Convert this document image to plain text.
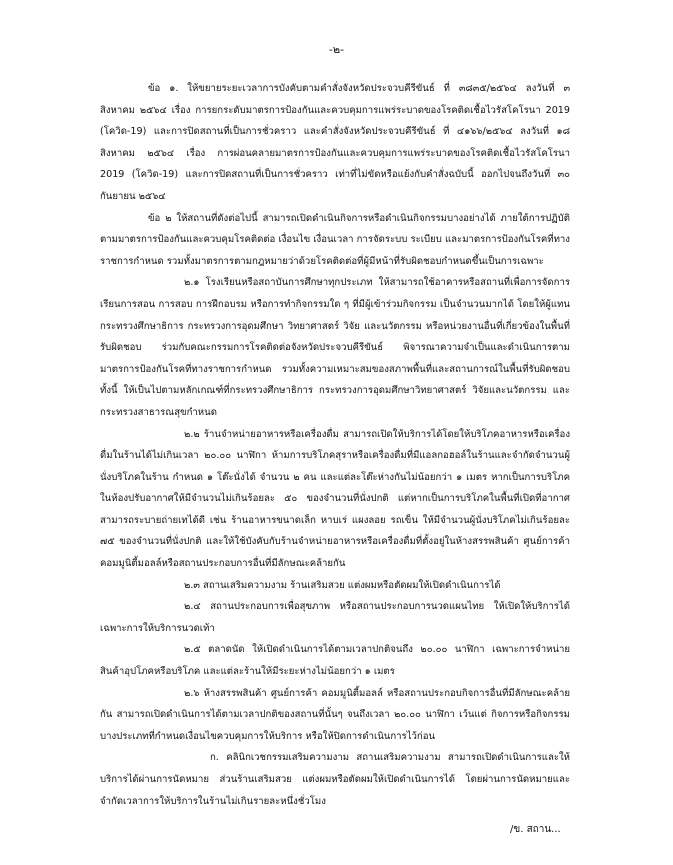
-๒-

ข้อ ๑. ให้ขยายระยะเวลาการบังคับตามคำสั่งจังหวัดประจวบคีรีขันธ์ ที่ ๓๘๓๕/๒๕๖๔ ลงวันที่ ๓ สิงหาคม ๒๕๖๔ เรื่อง การยกระดับมาตรการป้องกันและควบคุมการแพร่ระบาดของโรคติดเชื้อไวรัสโคโรนา 2019 (โควิด-19) และการปิดสถานที่เป็นการชั่วคราว และคำสั่งจังหวัดประจวบคีรีขันธ์ ที่ ๔๑๖๖/๒๕๖๔ ลงวันที่ ๑๘ สิงหาคม ๒๕๖๔ เรื่อง การผ่อนคลายมาตรการป้องกันและควบคุมการแพร่ระบาดของโรคติดเชื้อไวรัสโคโรนา 2019 (โควิด-19) และการปิดสถานที่เป็นการชั่วคราว เท่าที่ไม่ขัดหรือแย้งกับคำสั่งฉบับนี้ ออกไปจนถึงวันที่ ๓๐ กันยายน ๒๕๖๔

ข้อ ๒ ให้สถานที่ดังต่อไปนี้ สามารถเปิดดำเนินกิจการหรือดำเนินกิจกรรมบางอย่างได้ ภายใต้การปฏิบัติตามมาตรการป้องกันและควบคุมโรคติดต่อ เงื่อนไข เงื่อนเวลา การจัดระบบ ระเบียบ และมาตรการป้องกันโรคที่ทางราชการกำหนด รวมทั้งมาตรการตามกฎหมายว่าด้วยโรคติดต่อที่ผู้มีหน้าที่รับผิดชอบกำหนดขึ้นเป็นการเฉพาะ

๒.๑ โรงเรียนหรือสถาบันการศึกษาทุกประเภท ให้สามารถใช้อาคารหรือสถานที่เพื่อการจัดการเรียนการสอน การสอบ การฝึกอบรม หรือการทำกิจกรรมใด ๆ ที่มีผู้เข้าร่วมกิจกรรม เป็นจำนวนมากได้ โดยให้ผู้แทนกระทรวงศึกษาธิการ กระทรวงการอุดมศึกษา วิทยาศาสตร์ วิจัย และนวัตกรรม หรือหน่วยงานอื่นที่เกี่ยวข้องในพื้นที่รับผิดชอบ ร่วมกับคณะกรรมการโรคติดต่อจังหวัดประจวบคีรีขันธ์ พิจารณาความจำเป็นและดำเนินการตามมาตรการป้องกันโรคที่ทางราชการกำหนด รวมทั้งความเหมาะสมของสภาพพื้นที่และสถานการณ์ในพื้นที่รับผิดชอบ ทั้งนี้ ให้เป็นไปตามหลักเกณฑ์ที่กระทรวงศึกษาธิการ กระทรวงการอุดมศึกษาวิทยาศาสตร์ วิจัยและนวัตกรรม และกระทรวงสาธารณสุขกำหนด

๒.๒ ร้านจำหน่ายอาหารหรือเครื่องดื่ม สามารถเปิดให้บริการได้โดยให้บริโภคอาหารหรือเครื่องดื่มในร้านได้ไม่เกินเวลา ๒๐.๐๐ นาฬิกา ห้ามการบริโภคสุราหรือเครื่องดื่มที่มีแอลกอฮอล์ในร้านและจำกัดจำนวนผู้นั่งบริโภคในร้าน กำหนด ๑ โต๊ะนั่งได้ จำนวน ๒ คน และแต่ละโต๊ะห่างกันไม่น้อยกว่า ๑ เมตร หากเป็นการบริโภคในห้องปรับอากาศให้มีจำนวนไม่เกินร้อยละ ๕๐ ของจำนวนที่นั่งปกติ แต่หากเป็นการบริโภคในพื้นที่เปิดที่อากาศสามารถระบายถ่ายเทได้ดี เช่น ร้านอาหารขนาดเล็ก หาบเร่ แผงลอย รถเข็น ให้มีจำนวนผู้นั่งบริโภคไม่เกินร้อยละ ๗๕ ของจำนวนที่นั่งปกติ และให้ใช้บังคับกับร้านจำหน่ายอาหารหรือเครื่องดื่มที่ตั้งอยู่ในห้างสรรพสินค้า ศูนย์การค้า คอมมูนิตี้มอลล์หรือสถานประกอบการอื่นที่มีลักษณะคล้ายกัน

๒.๓ สถานเสริมความงาม ร้านเสริมสวย แต่งผมหรือตัดผมให้เปิดดำเนินการได้

๒.๔ สถานประกอบการเพื่อสุขภาพ หรือสถานประกอบการนวดแผนไทย ให้เปิดให้บริการได้เฉพาะการให้บริการนวดเท้า

๒.๕ ตลาดนัด ให้เปิดดำเนินการได้ตามเวลาปกติจนถึง ๒๐.๐๐ นาฬิกา เฉพาะการจำหน่ายสินค้าอุปโภคหรือบริโภค และแต่ละร้านให้มีระยะห่างไม่น้อยกว่า ๑ เมตร

๒.๖ ห้างสรรพสินค้า ศูนย์การค้า คอมมูนิตี้มอลล์ หรือสถานประกอบกิจการอื่นที่มีลักษณะคล้ายกัน สามารถเปิดดำเนินการได้ตามเวลาปกติของสถานที่นั้นๆ จนถึงเวลา ๒๐.๐๐ นาฬิกา เว้นแต่ กิจการหรือกิจกรรมบางประเภทที่กำหนดเงื่อนไขควบคุมการให้บริการ หรือให้ปิดการดำเนินการไว้ก่อน

ก. คลินิกเวชกรรมเสริมความงาม สถานเสริมความงาม สามารถเปิดดำเนินการและให้บริการได้ผ่านการนัดหมาย ส่วนร้านเสริมสวย แต่งผมหรือตัดผมให้เปิดดำเนินการได้ โดยผ่านการนัดหมายและจำกัดเวลาการให้บริการในร้านไม่เกินรายละหนึ่งชั่วโมง

/ข. สถาน...
